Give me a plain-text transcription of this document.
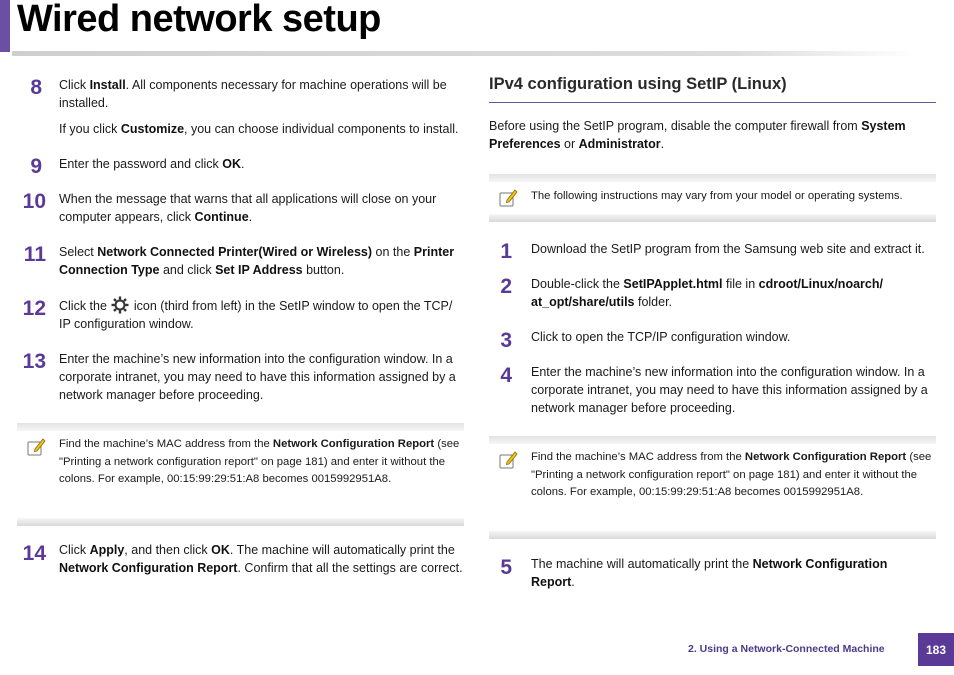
Wired network setup
8 Click Install. All components necessary for machine operations will be installed.
If you click Customize, you can choose individual components to install.
9 Enter the password and click OK.
10 When the message that warns that all applications will close on your computer appears, click Continue.
11 Select Network Connected Printer(Wired or Wireless) on the Printer Connection Type and click Set IP Address button.
12 Click the icon (third from left) in the SetIP window to open the TCP/ IP configuration window.
13 Enter the machine’s new information into the configuration window. In a corporate intranet, you may need to have this information assigned by a network manager before proceeding.
Find the machine’s MAC address from the Network Configuration Report (see "Printing a network configuration report" on page 181) and enter it without the colons. For example, 00:15:99:29:51:A8 becomes 0015992951A8.
14 Click Apply, and then click OK. The machine will automatically print the Network Configuration Report. Confirm that all the settings are correct.
IPv4 configuration using SetIP (Linux)
Before using the SetIP program, disable the computer firewall from System Preferences or Administrator.
The following instructions may vary from your model or operating systems.
1 Download the SetIP program from the Samsung web site and extract it.
2 Double-click the SetIPApplet.html file in cdroot/Linux/noarch/ at_opt/share/utils folder.
3 Click to open the TCP/IP configuration window.
4 Enter the machine’s new information into the configuration window. In a corporate intranet, you may need to have this information assigned by a network manager before proceeding.
Find the machine’s MAC address from the Network Configuration Report (see "Printing a network configuration report" on page 181) and enter it without the colons. For example, 00:15:99:29:51:A8 becomes 0015992951A8.
5 The machine will automatically print the Network Configuration Report.
2. Using a Network-Connected Machine	183
